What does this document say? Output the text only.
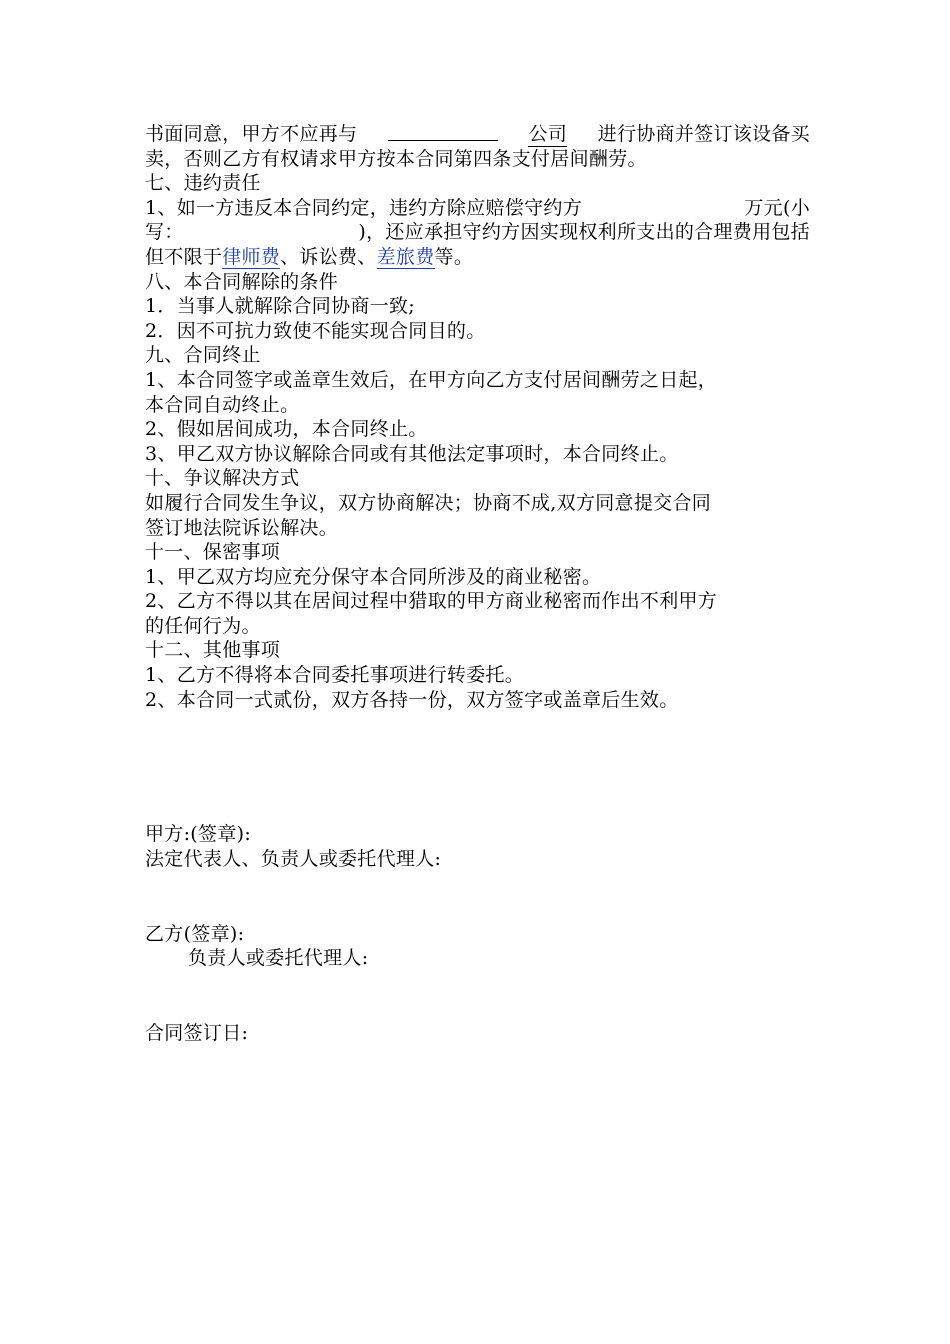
书面同意，甲方不应再与	公司 进行协商并签订该设备买
卖，否则乙方有权请求甲方按本合同第四条支付居间酬劳。
七、违约责任
1、如一方违反本合同约定，违约方除应赔偿守约方	万元(小
写：	)，还应承担守约方因实现权利所支出的合理费用包括
但不限于律师费、诉讼费、差旅费等。
八、本合同解除的条件
1．当事人就解除合同协商一致;
2．因不可抗力致使不能实现合同目的。
九、合同终止
1、本合同签字或盖章生效后，在甲方向乙方支付居间酬劳之日起，
本合同自动终止。
2、假如居间成功，本合同终止。
3、甲乙双方协议解除合同或有其他法定事项时，本合同终止。
十、争议解决方式
如履行合同发生争议，双方协商解决；协商不成,双方同意提交合同
签订地法院诉讼解决。
十一、保密事项
1、甲乙双方均应充分保守本合同所涉及的商业秘密。
2、乙方不得以其在居间过程中猎取的甲方商业秘密而作出不利甲方
的任何行为。
十二、其他事项
1、乙方不得将本合同委托事项进行转委托。
2、本合同一式贰份，双方各持一份，双方签字或盖章后生效。
甲方:(签章):
法定代表人、负责人或委托代理人:
乙方(签章):
负责人或委托代理人:
合同签订日:
